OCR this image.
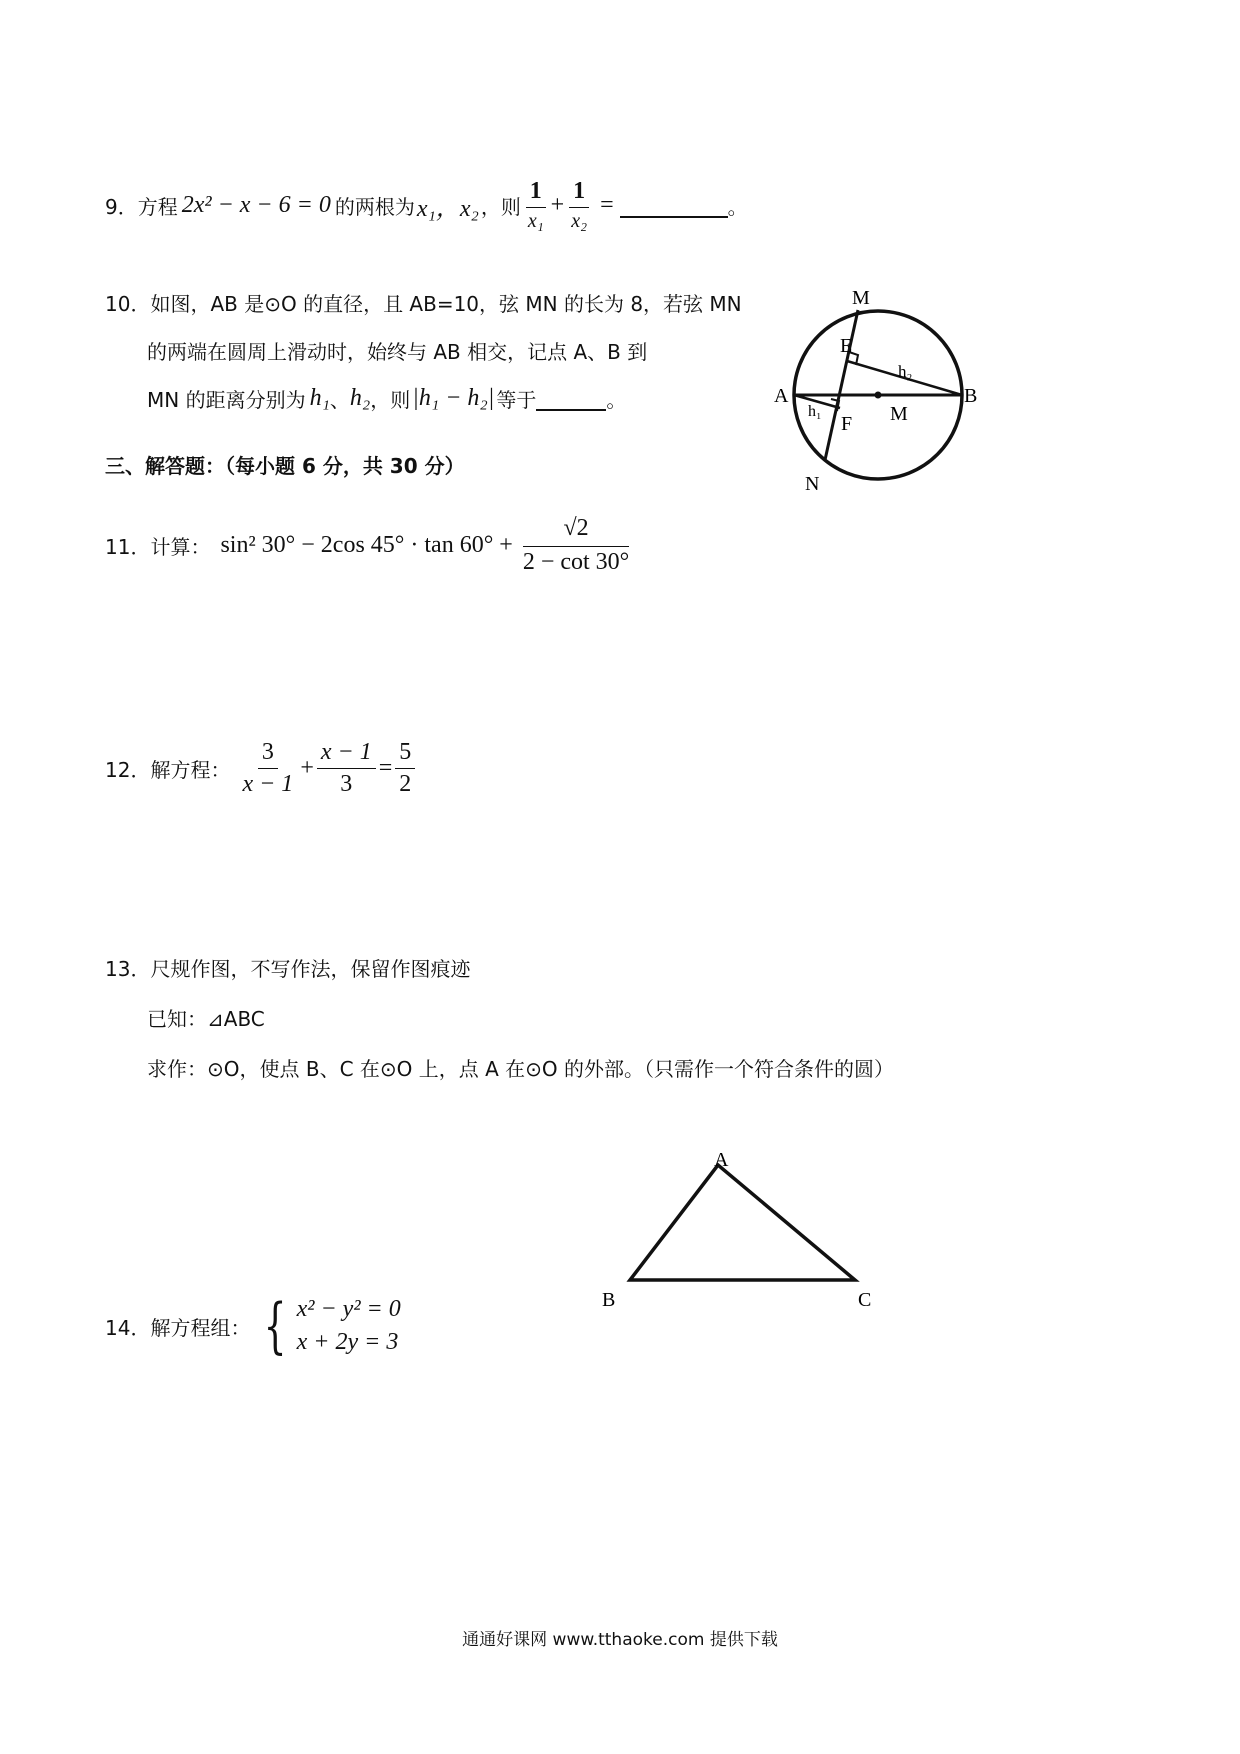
9． 方程 2x² − x − 6 = 0 的两根为 x₁，x₂ ，则 $\frac{1}{\text{x₁}} + \frac{1}{\text{x₂}}$ =	。
10．如图，AB 是⊙O 的直径，且 AB=10，弦 MN 的长为 8，若弦 MN
的两端在圆周上滑动时，始终与 AB 相交，记点 A、B 到
MN 的距离分别为 h₁ 、 h₂ ，则 |h₁ − h₂| 等于	。
M
E
h₂
A
h₁
F M
B
N
三、解答题：（每小题 6 分，共 30 分）
11． 计算： sin² 30° − 2cos $45^\circ \cdot \tan 60^\circ + \frac{√2}{2 - \cot 30^\circ}$
12． 解方程： $\frac{3}{x - 1} + \frac{x - 1}{3} = \frac{5}{2}$
13．尺规作图，不写作法，保留作图痕迹
已知：⊿ABC
求作：⊙O，使点 B、C 在⊙O 上，点 A 在⊙O 的外部。（只需作一个符合条件的圆）
A
B	C
14． 解方程组： { x² − y² = 0
x + 2y = 3
通通好课网 www.tthaoke.com 提供下载
